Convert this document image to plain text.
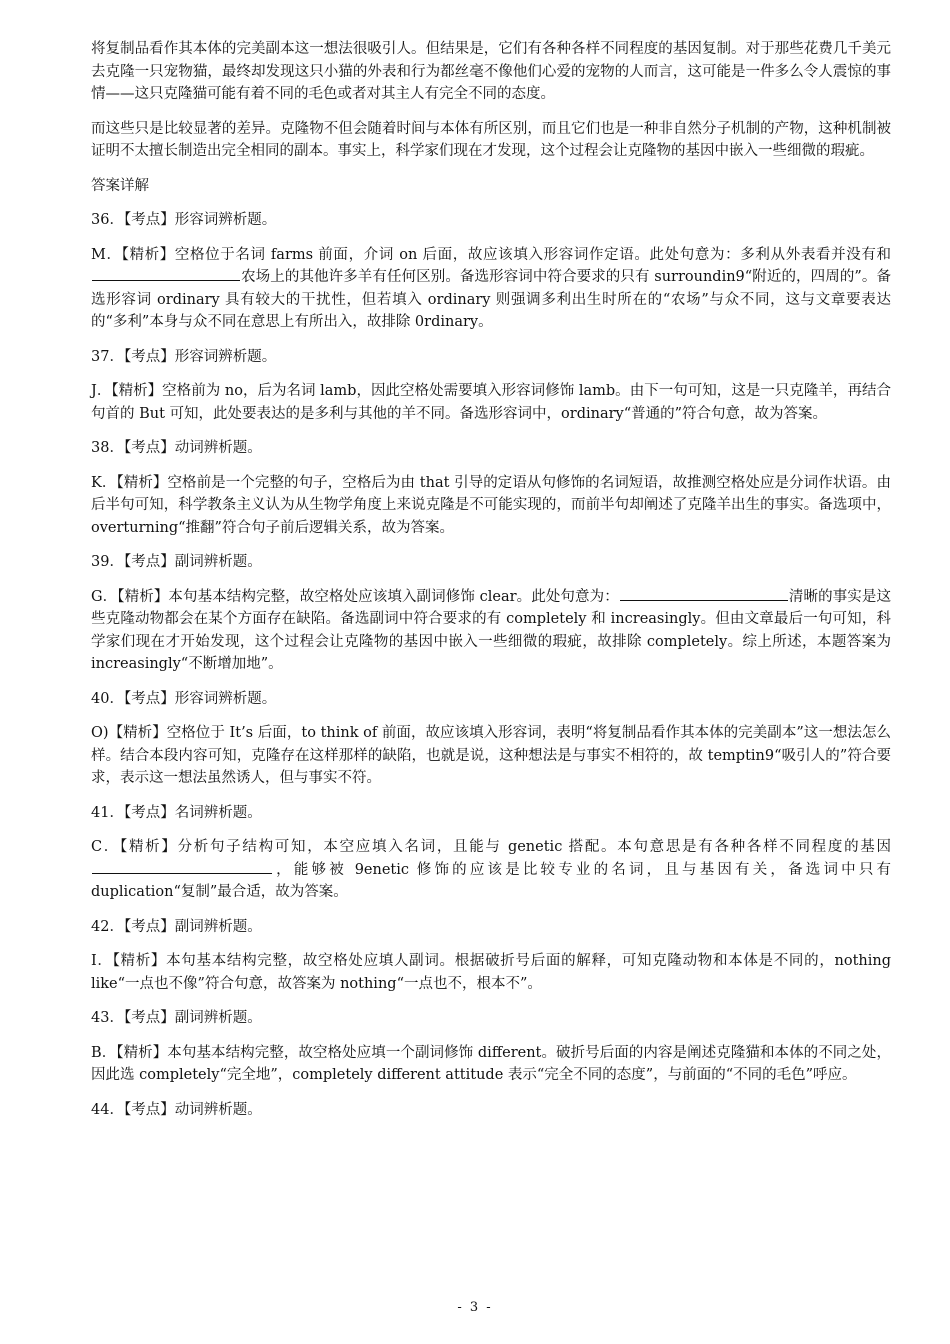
将复制品看作其本体的完美副本这一想法很吸引人。但结果是，它们有各种各样不同程度的基因复制。对于那些花费几千美元去克隆一只宠物猫，最终却发现这只小猫的外表和行为都丝毫不像他们心爱的宠物的人而言，这可能是一件多么令人震惊的事情——这只克隆猫可能有着不同的毛色或者对其主人有完全不同的态度。

而这些只是比较显著的差异。克隆物不但会随着时间与本体有所区别，而且它们也是一种非自然分子机制的产物，这种机制被证明不太擅长制造出完全相同的副本。事实上，科学家们现在才发现，这个过程会让克隆物的基因中嵌入一些细微的瑕疵。

答案详解

36．【考点】形容词辨析题。

M．【精析】空格位于名词 farms 前面，介词 on 后面，故应该填入形容词作定语。此处句意为：多利从外表看并没有和农场上的其他许多羊有任何区别。备选形容词中符合要求的只有 surroundin9“附近的，四周的”。备选形容词 ordinary 具有较大的干扰性，但若填入 ordinary 则强调多利出生时所在的“农场”与众不同，这与文章要表达的“多利”本身与众不同在意思上有所出入，故排除 0rdinary。

37．【考点】形容词辨析题。

J．【精析】空格前为 no，后为名词 lamb，因此空格处需要填入形容词修饰 lamb。由下一句可知，这是一只克隆羊，再结合句首的 But 可知，此处要表达的是多利与其他的羊不同。备选形容词中，ordinary“普通的”符合句意，故为答案。

38．【考点】动词辨析题。

K．【精析】空格前是一个完整的句子，空格后为由 that 引导的定语从句修饰的名词短语，故推测空格处应是分词作状语。由后半句可知，科学教条主义认为从生物学角度上来说克隆是不可能实现的，而前半句却阐述了克隆羊出生的事实。备选项中，overturning“推翻”符合句子前后逻辑关系，故为答案。

39．【考点】副词辨析题。

G．【精析】本句基本结构完整，故空格处应该填入副词修饰 clear。此处句意为：	清晰的事实是这些克隆动物都会在某个方面存在缺陷。备选副词中符合要求的有 completely 和 increasingly。但由文章最后一句可知，科学家们现在才开始发现，这个过程会让克隆物的基因中嵌入一些细微的瑕疵，故排除 completely。综上所述，本题答案为 increasingly“不断增加地”。

40．【考点】形容词辨析题。

O)【精析】空格位于 It’s 后面，to think of 前面，故应该填入形容词，表明“将复制品看作其本体的完美副本”这一想法怎么样。结合本段内容可知，克隆存在这样那样的缺陷，也就是说，这种想法是与事实不相符的，故 temptin9“吸引人的”符合要求，表示这一想法虽然诱人，但与事实不符。

41．【考点】名词辨析题。

C．【精析】分析句子结构可知，本空应填入名词，且能与 genetic 搭配。本句意思是有各种各样不同程度的基因，能够被 9enetic 修饰的应该是比较专业的名词，且与基因有关，备选词中只有 duplication“复制”最合适，故为答案。

42．【考点】副词辨析题。

I．【精析】本句基本结构完整，故空格处应填人副词。根据破折号后面的解释，可知克隆动物和本体是不同的，nothing like“一点也不像”符合句意，故答案为 nothing“一点也不，根本不”。

43．【考点】副词辨析题。

B．【精析】本句基本结构完整，故空格处应填一个副词修饰 different。破折号后面的内容是阐述克隆猫和本体的不同之处，因此选 completely“完全地”，completely different attitude 表示“完全不同的态度”，与前面的“不同的毛色”呼应。

44．【考点】动词辨析题。

- 3 -
